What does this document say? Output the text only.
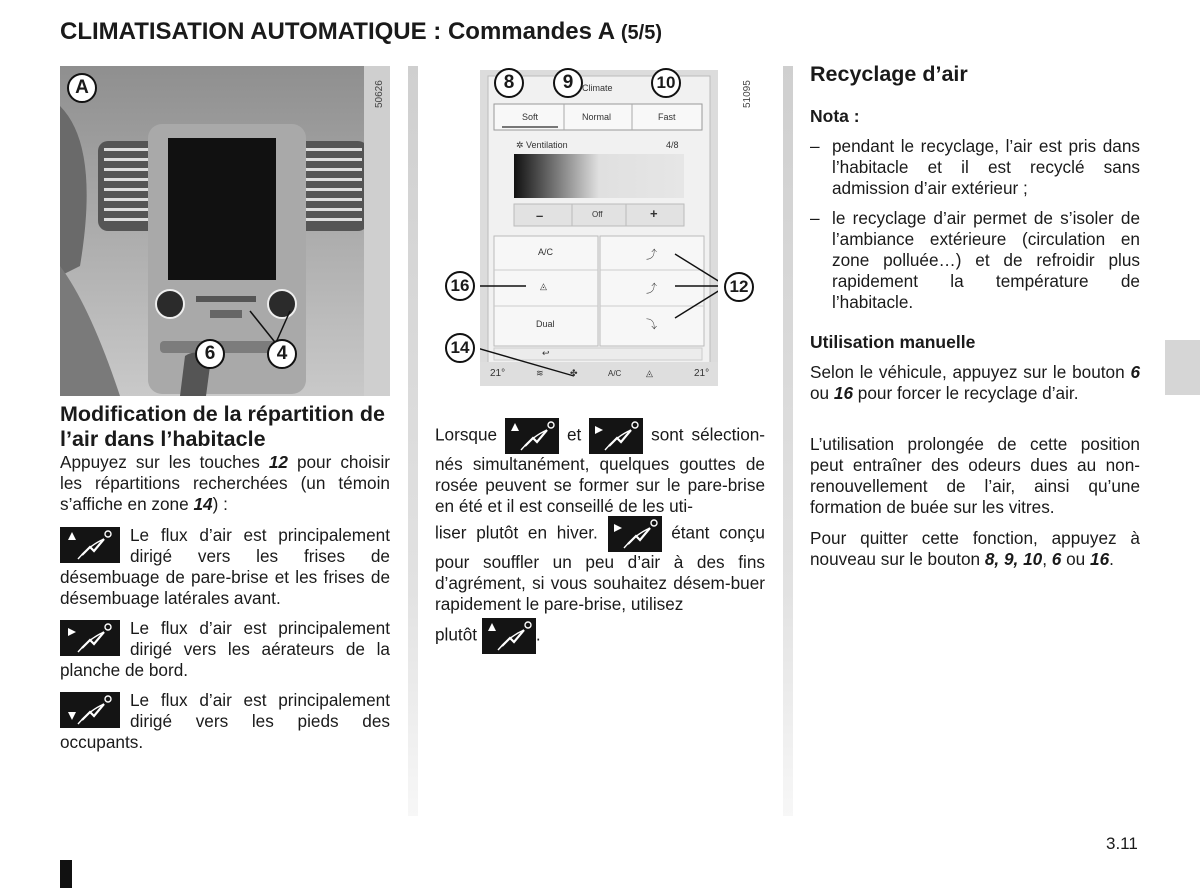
CLIMATISATION AUTOMATIQUE : Commandes A (5/5)
50626
A
6	4
Climate
Soft	Normal	Fast
✲ Ventilation	4/8
–	Off	+
A/C
◬
Dual
⤴
⤴
⤵
↩
21°	≋	✤	A/C	◬	21°
51095
8	9	10
16	12
14
Modification de la répartition de l’air dans l’habitacle
Appuyez sur les touches 12 pour choisir les répartitions recherchées (un témoin s’affiche en zone 14) :
Le flux d’air est principalement dirigé vers les frises de désembuage de pare-brise et les frises de désembuage latérales avant.
Le flux d’air est principalement dirigé vers les aérateurs de la planche de bord.
Le flux d’air est principalement dirigé vers les pieds des occupants.
Lorsque	et	sont sélection-nés simultanément, quelques gouttes de rosée peuvent se former sur le pare-brise en été et il est conseillé de les uti-
liser plutôt en hiver.	étant conçu pour souffler un peu d’air à des fins d’agrément, si vous souhaitez désem-buer rapidement le pare-brise, utilisez
plutôt	.
Recyclage d’air
Nota :
– pendant le recyclage, l’air est pris dans l’habitacle et il est recyclé sans admission d’air extérieur ;
– le recyclage d’air permet de s’isoler de l’ambiance extérieure (circulation en zone polluée…) et de refroidir plus rapidement la température de l’habitacle.
Utilisation manuelle
Selon le véhicule, appuyez sur le bouton 6 ou 16 pour forcer le recyclage d’air.
L’utilisation prolongée de cette position peut entraîner des odeurs dues au non-renouvellement de l’air, ainsi qu’une formation de buée sur les vitres.
Pour quitter cette fonction, appuyez à nouveau sur le bouton 8, 9, 10, 6 ou 16.
3.11
